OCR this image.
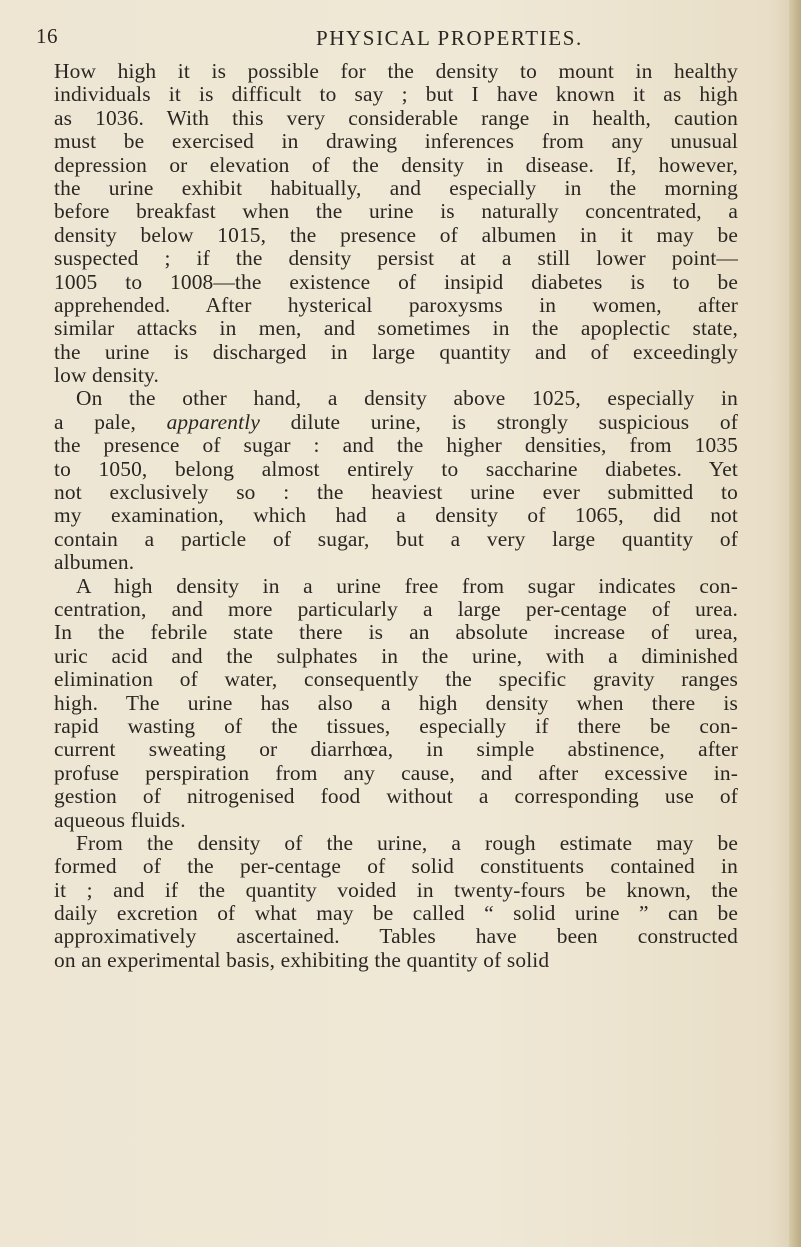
16	PHYSICAL PROPERTIES.
How high it is possible for the density to mount in healthy
individuals it is difficult to say ; but I have known it as high
as 1036. With this very considerable range in health, caution
must be exercised in drawing inferences from any unusual
depression or elevation of the density in disease. If, however,
the urine exhibit habitually, and especially in the morning
before breakfast when the urine is naturally concentrated, a
density below 1015, the presence of albumen in it may be
suspected ; if the density persist at a still lower point—
1005 to 1008—the existence of insipid diabetes is to be
apprehended. After hysterical paroxysms in women, after
similar attacks in men, and sometimes in the apoplectic state,
the urine is discharged in large quantity and of exceedingly
low density.
On the other hand, a density above 1025, especially in
a pale, apparently dilute urine, is strongly suspicious of
the presence of sugar : and the higher densities, from 1035
to 1050, belong almost entirely to saccharine diabetes. Yet
not exclusively so : the heaviest urine ever submitted to
my examination, which had a density of 1065, did not
contain a particle of sugar, but a very large quantity of
albumen.
A high density in a urine free from sugar indicates con-
centration, and more particularly a large per-centage of urea.
In the febrile state there is an absolute increase of urea,
uric acid and the sulphates in the urine, with a diminished
elimination of water, consequently the specific gravity ranges
high. The urine has also a high density when there is
rapid wasting of the tissues, especially if there be con-
current sweating or diarrhœa, in simple abstinence, after
profuse perspiration from any cause, and after excessive in-
gestion of nitrogenised food without a corresponding use of
aqueous fluids.
From the density of the urine, a rough estimate may be
formed of the per-centage of solid constituents contained in
it ; and if the quantity voided in twenty-fours be known, the
daily excretion of what may be called “ solid urine ” can be
approximatively ascertained. Tables have been constructed
on an experimental basis, exhibiting the quantity of solid
